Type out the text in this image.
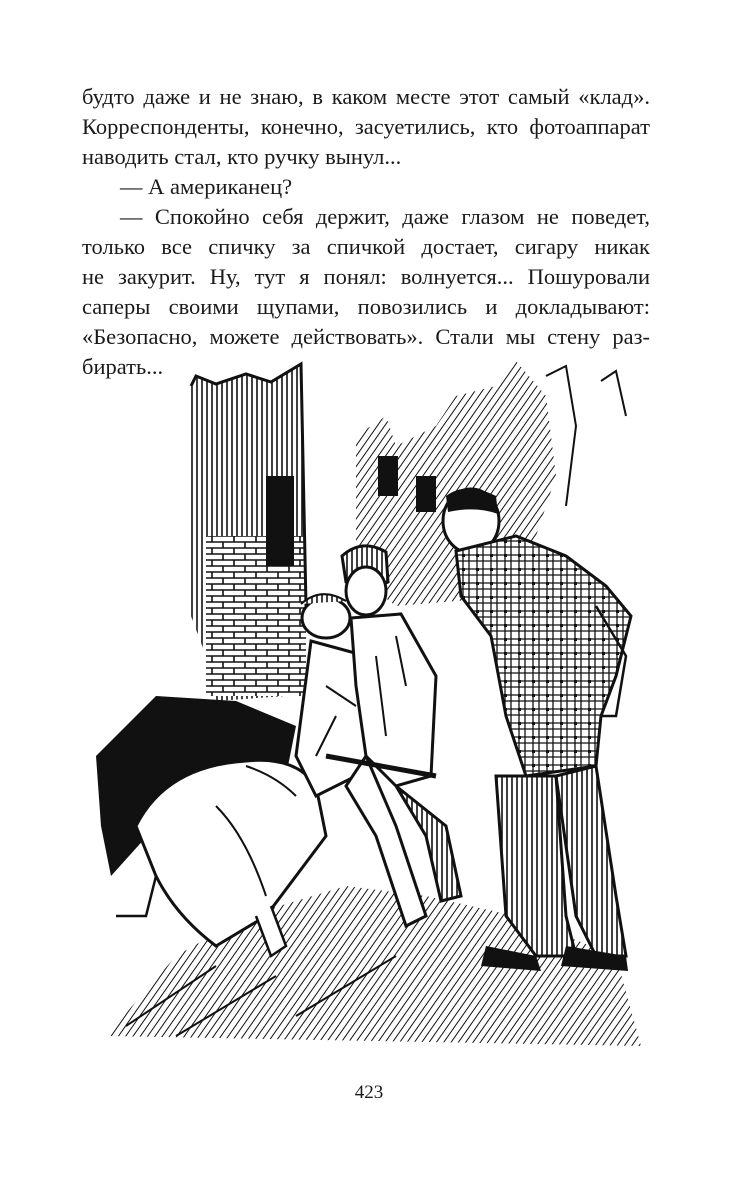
будто даже и не знаю, в каком месте этот самый «клад».
Корреспонденты, конечно, засуетились, кто фотоаппарат
наводить стал, кто ручку вынул...

— А американец?

— Спокойно себя держит, даже глазом не поведет,
только все спичку за спичкой достает, сигару никак
не закурит. Ну, тут я понял: волнуется... Пошуровали
саперы своими щупами, повозились и докладывают:
«Безопасно, можете действовать». Стали мы стену раз-
бирать...

423
